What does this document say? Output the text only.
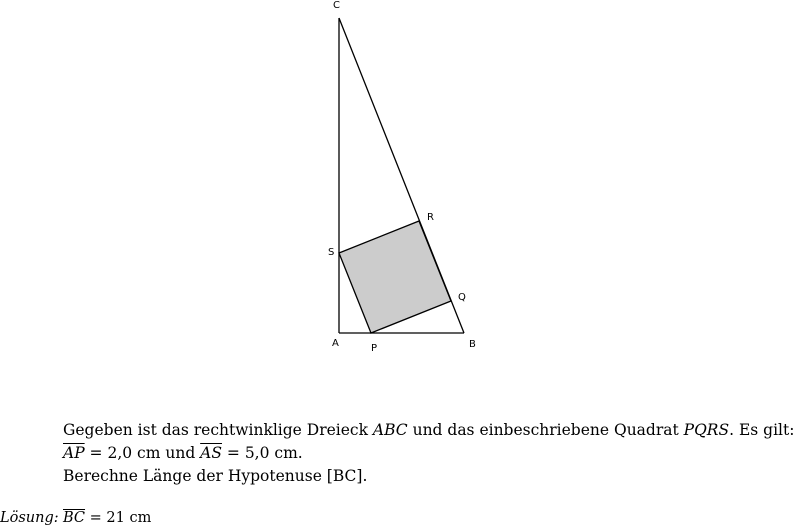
C
R
S
Q
A	P	B

Gegeben ist das rechtwinklige Dreieck ABC und das einbeschriebene Quadrat PQRS. Es gilt:

$\overline{AP} = 2,0$ cm und $\overline{AS} = 5,0$ cm.

Berechne Länge der Hypotenuse [BC].

Lösung: $\overline{BC} = 21$ cm
